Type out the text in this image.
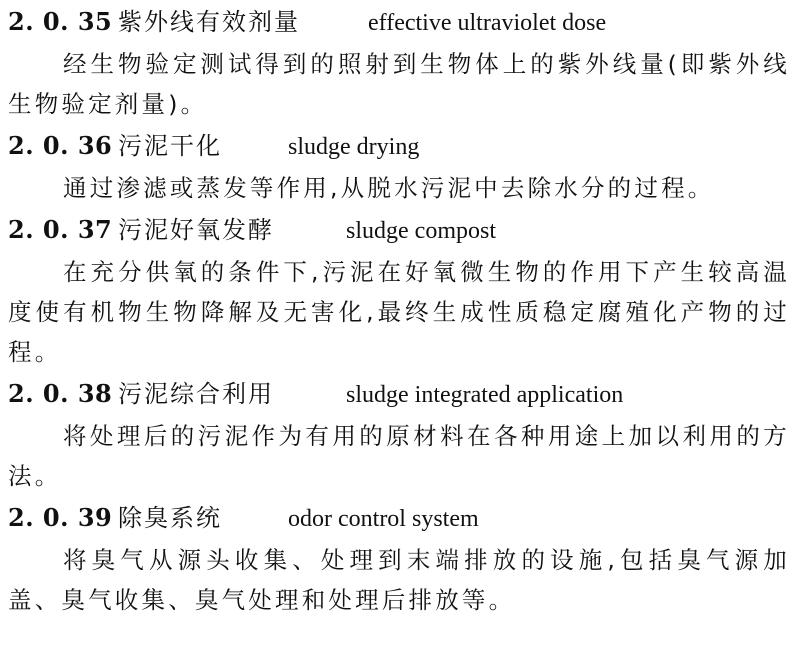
2. 0. 35 紫外线有效剂量	effective ultraviolet dose

经生物验定测试得到的照射到生物体上的紫外线量(即紫外线生物验定剂量)。

2. 0. 36 污泥干化	sludge drying

通过渗滤或蒸发等作用,从脱水污泥中去除水分的过程。

2. 0. 37 污泥好氧发酵	sludge compost

在充分供氧的条件下,污泥在好氧微生物的作用下产生较高温度使有机物生物降解及无害化,最终生成性质稳定腐殖化产物的过程。

2. 0. 38 污泥综合利用	sludge integrated application

将处理后的污泥作为有用的原材料在各种用途上加以利用的方法。

2. 0. 39 除臭系统	odor control system

将臭气从源头收集、处理到末端排放的设施,包括臭气源加盖、臭气收集、臭气处理和处理后排放等。
